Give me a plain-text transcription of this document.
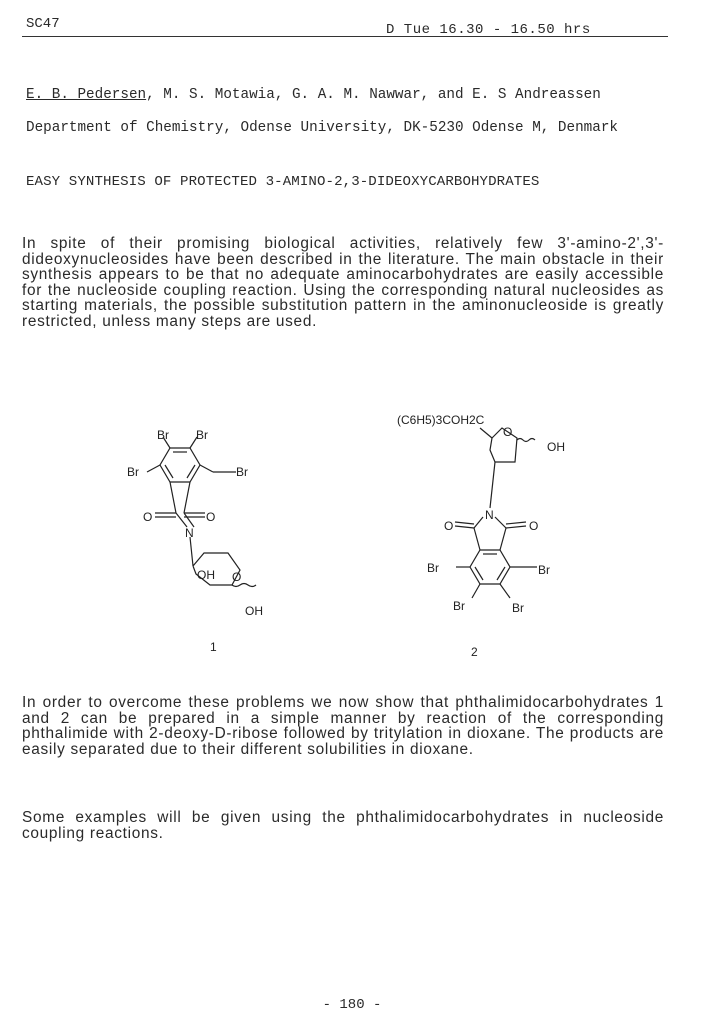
SC47	D Tue 16.30 - 16.50 hrs
E. B. Pedersen, M. S. Motawia, G. A. M. Nawwar, and E. S Andreassen
Department of Chemistry, Odense University, DK-5230 Odense M, Denmark
EASY SYNTHESIS OF PROTECTED 3-AMINO-2,3-DIDEOXYCARBOHYDRATES
In spite of their promising biological activities, relatively few 3'-amino-2',3'-dideoxynucleosides have been described in the literature. The main obstacle in their synthesis appears to be that no adequate aminocarbohydrates are easily accessible for the nucleoside coupling reaction. Using the corresponding natural nucleosides as starting materials, the possible substitution pattern in the aminonucleoside is greatly restricted, unless many steps are used.
Br Br
Br	Br
O	O
N
OH O
OH
1
(C6H5)3COH2C
O
OH
N
O	O
Br	Br
Br	Br
2
In order to overcome these problems we now show that phthalimidocarbohydrates 1 and 2 can be prepared in a simple manner by reaction of the corresponding phthalimide with 2-deoxy-D-ribose followed by tritylation in dioxane. The products are easily separated due to their different solubilities in dioxane.
Some examples will be given using the phthalimidocarbohydrates in nucleoside coupling reactions.
- 180 -
